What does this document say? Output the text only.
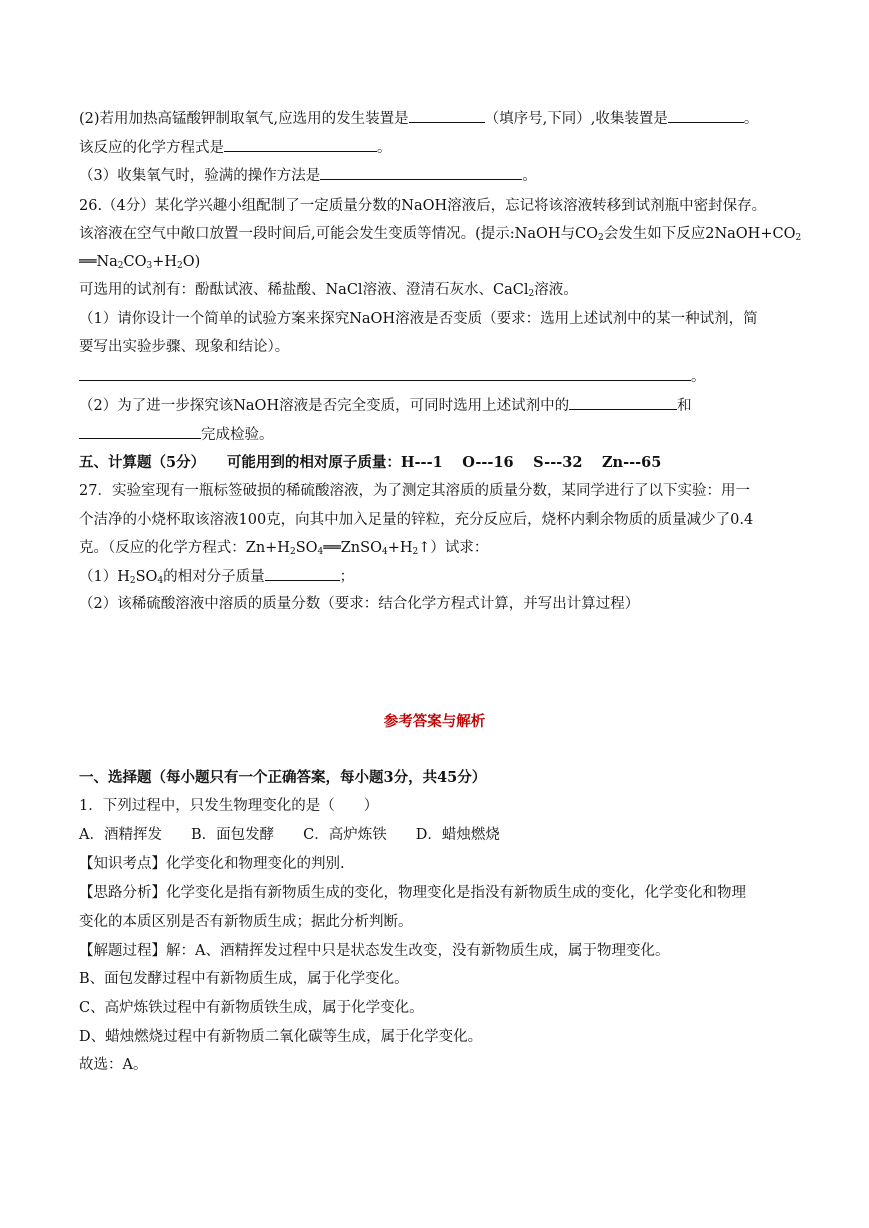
(2)若用加热高锰酸钾制取氧气,应选用的发生装置是	（填序号,下同）,收集装置是	。
该反应的化学方程式是	。
（3）收集氧气时，验满的操作方法是	。
26.（4分）某化学兴趣小组配制了一定质量分数的NaOH溶液后，忘记将该溶液转移到试剂瓶中密封保存。
该溶液在空气中敞口放置一段时间后,可能会发生变质等情况。(提示:NaOH与$CO_2$会发生如下反应$2NaOH+CO_2$
$══Na_2CO_3+H_2O$)
可选用的试剂有：酚酞试液、稀盐酸、NaCl溶液、澄清石灰水、CaCl$_2$溶液。
（1）请你设计一个简单的试验方案来探究NaOH溶液是否变质（要求：选用上述试剂中的某一种试剂，简
要写出实验步骤、现象和结论）。
。
（2）为了进一步探究该NaOH溶液是否完全变质，可同时选用上述试剂中的	和
完成检验。
五、计算题（5分）　　 可能用到的相对原子质量：H---1　 O---16　 S---32　 Zn---65
27．实验室现有一瓶标签破损的稀硫酸溶液，为了测定其溶质的质量分数，某同学进行了以下实验：用一
个洁净的小烧杯取该溶液100克，向其中加入足量的锌粒，充分反应后，烧杯内剩余物质的质量减少了0.4
克。（反应的化学方程式：$Zn+H_2SO_4══ZnSO_4+H_2↑$）试求：
$(1)H_2SO_4$的相对分子质量	；
（2）该稀硫酸溶液中溶质的质量分数（要求：结合化学方程式计算，并写出计算过程）
参考答案与解析
一、选择题（每小题只有一个正确答案，每小题3分，共45分）
1．下列过程中，只发生物理变化的是（　　）
A．酒精挥发　　B．面包发酵　　C．高炉炼铁　　D．蜡烛燃烧
【知识考点】化学变化和物理变化的判别.
【思路分析】化学变化是指有新物质生成的变化，物理变化是指没有新物质生成的变化，化学变化和物理
变化的本质区别是否有新物质生成；据此分析判断。
【解题过程】解：A、酒精挥发过程中只是状态发生改变，没有新物质生成，属于物理变化。
B、面包发酵过程中有新物质生成，属于化学变化。
C、高炉炼铁过程中有新物质铁生成，属于化学变化。
D、蜡烛燃烧过程中有新物质二氧化碳等生成，属于化学变化。
故选：A。
